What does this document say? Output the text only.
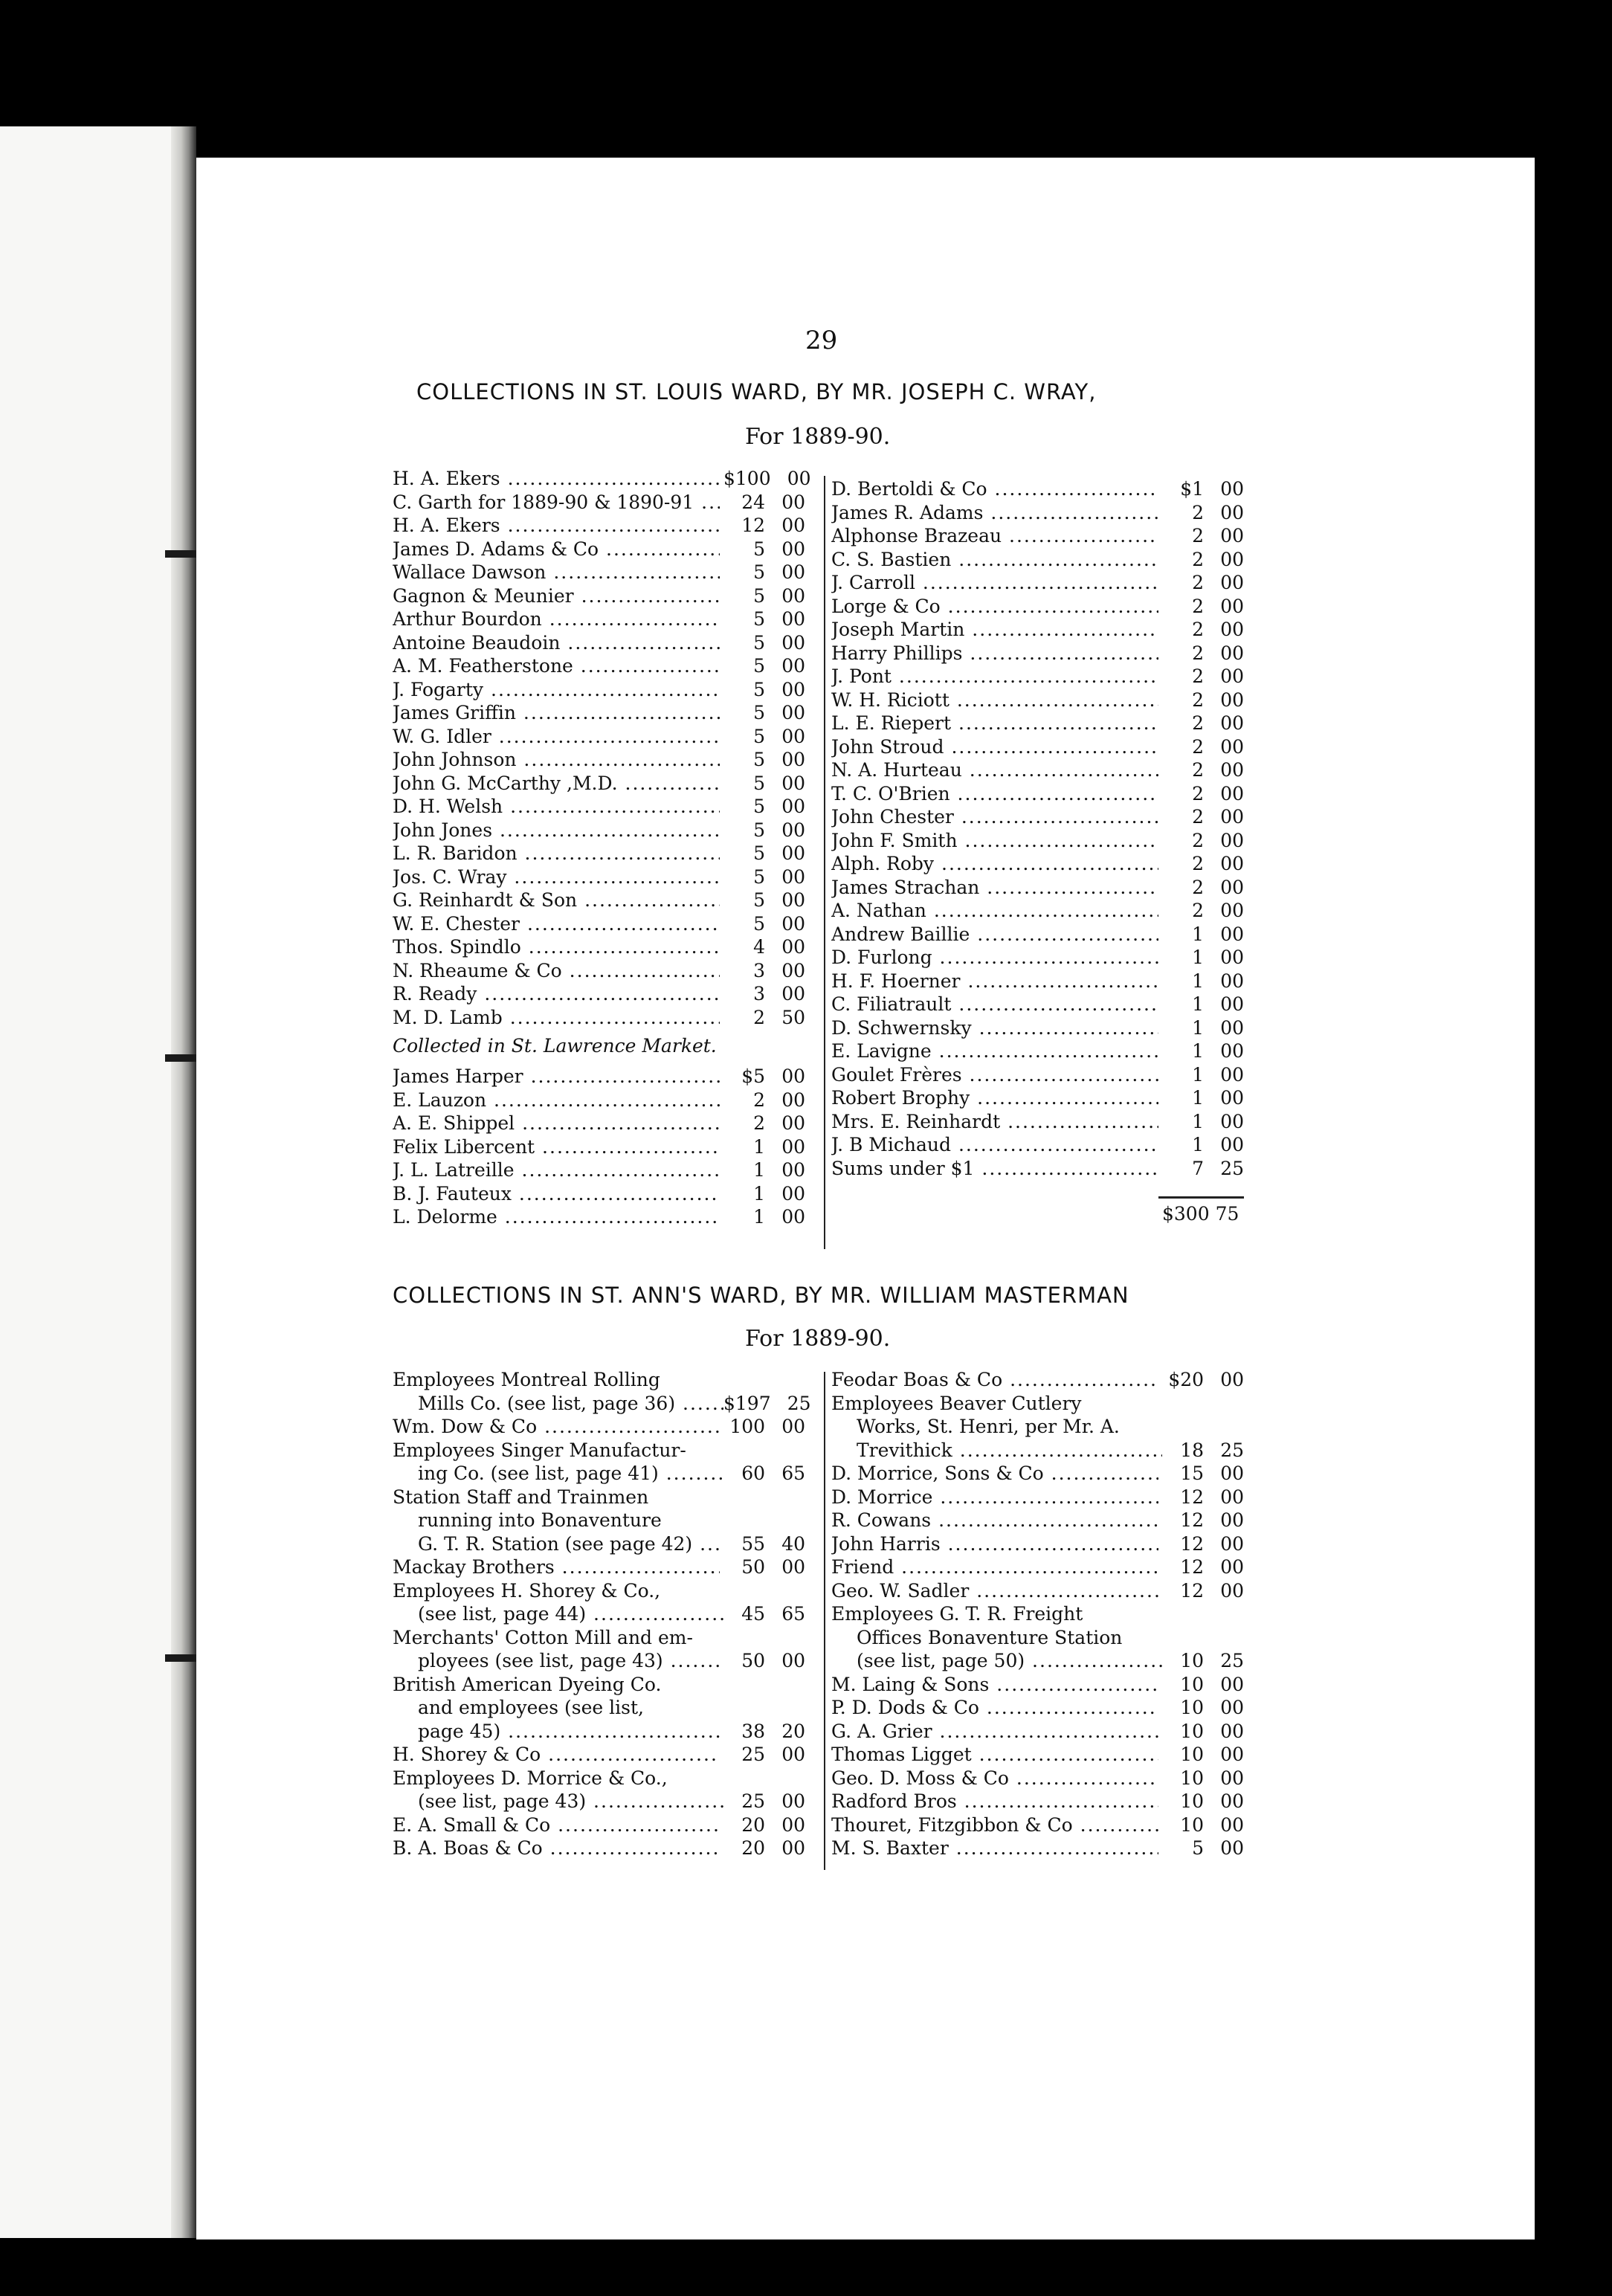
29
COLLECTIONS IN ST. LOUIS WARD, BY MR. JOSEPH C. WRAY,
For 1889-90.
H. A. Ekers .....	$100 00
C. Garth for 1889-90 & 1890-91 .....	24 00
H. A. Ekers .....	12 00
James D. Adams & Co .....	5 00
Wallace Dawson .....	5 00
Gagnon & Meunier .....	5 00
Arthur Bourdon .....	5 00
Antoine Beaudoin .....	5 00
A. M. Featherstone .....	5 00
J. Fogarty .....	5 00
James Griffin .....	5 00
W. G. Idler .....	5 00
John Johnson .....	5 00
John G. McCarthy ,M.D. .....	5 00
D. H. Welsh .....	5 00
John Jones .....	5 00
L. R. Baridon .....	5 00
Jos. C. Wray .....	5 00
G. Reinhardt & Son .....	5 00
W. E. Chester .....	5 00
Thos. Spindlo .....	4 00
N. Rheaume & Co .....	3 00
R. Ready .....	3 00
M. D. Lamb .....	2 50
Collected in St. Lawrence Market.
James Harper .....	$5 00
E. Lauzon .....	2 00
A. E. Shippel .....	2 00
Felix Libercent .....	1 00
J. L. Latreille .....	1 00
B. J. Fauteux .....	1 00
L. Delorme .....	1 00
D. Bertoldi & Co .....	$1 00
James R. Adams .....	2 00
Alphonse Brazeau .....	2 00
C. S. Bastien .....	2 00
J. Carroll .....	2 00
Lorge & Co .....	2 00
Joseph Martin .....	2 00
Harry Phillips .....	2 00
J. Pont .....	2 00
W. H. Riciott .....	2 00
L. E. Riepert .....	2 00
John Stroud .....	2 00
N. A. Hurteau .....	2 00
T. C. O'Brien .....	2 00
John Chester .....	2 00
John F. Smith .....	2 00
Alph. Roby .....	2 00
James Strachan .....	2 00
A. Nathan .....	2 00
Andrew Baillie .....	1 00
D. Furlong .....	1 00
H. F. Hoerner .....	1 00
C. Filiatrault .....	1 00
D. Schwernsky .....	1 00
E. Lavigne .....	1 00
Goulet Frères .....	1 00
Robert Brophy .....	1 00
Mrs. E. Reinhardt .....	1 00
J. B Michaud .....	1 00
Sums under $1 .....	7 25
$300 75
COLLECTIONS IN ST. ANN'S WARD, BY MR. WILLIAM MASTERMAN
For 1889-90.
Employees Montreal Rolling
Mills Co. (see list, page 36) .....	$197 25
Wm. Dow & Co .....	100 00
Employees Singer Manufactur-
ing Co. (see list, page 41) .....	60 65
Station Staff and Trainmen
running into Bonaventure
G. T. R. Station (see page 42) .....	55 40
Mackay Brothers .....	50 00
Employees H. Shorey & Co.,
(see list, page 44) .....	45 65
Merchants' Cotton Mill and em-
ployees (see list, page 43) .....	50 00
British American Dyeing Co.
and employees (see list,
page 45) .....	38 20
H. Shorey & Co .....	25 00
Employees D. Morrice & Co.,
(see list, page 43) .....	25 00
E. A. Small & Co .....	20 00
B. A. Boas & Co .....	20 00
Feodar Boas & Co .....	$20 00
Employees Beaver Cutlery
Works, St. Henri, per Mr. A.
Trevithick .....	18 25
D. Morrice, Sons & Co .....	15 00
D. Morrice .....	12 00
R. Cowans .....	12 00
John Harris .....	12 00
Friend .....	12 00
Geo. W. Sadler .....	12 00
Employees G. T. R. Freight
Offices Bonaventure Station
(see list, page 50) .....	10 25
M. Laing & Sons .....	10 00
P. D. Dods & Co .....	10 00
G. A. Grier .....	10 00
Thomas Ligget .....	10 00
Geo. D. Moss & Co .....	10 00
Radford Bros .....	10 00
Thouret, Fitzgibbon & Co .....	10 00
M. S. Baxter .....	5 00
